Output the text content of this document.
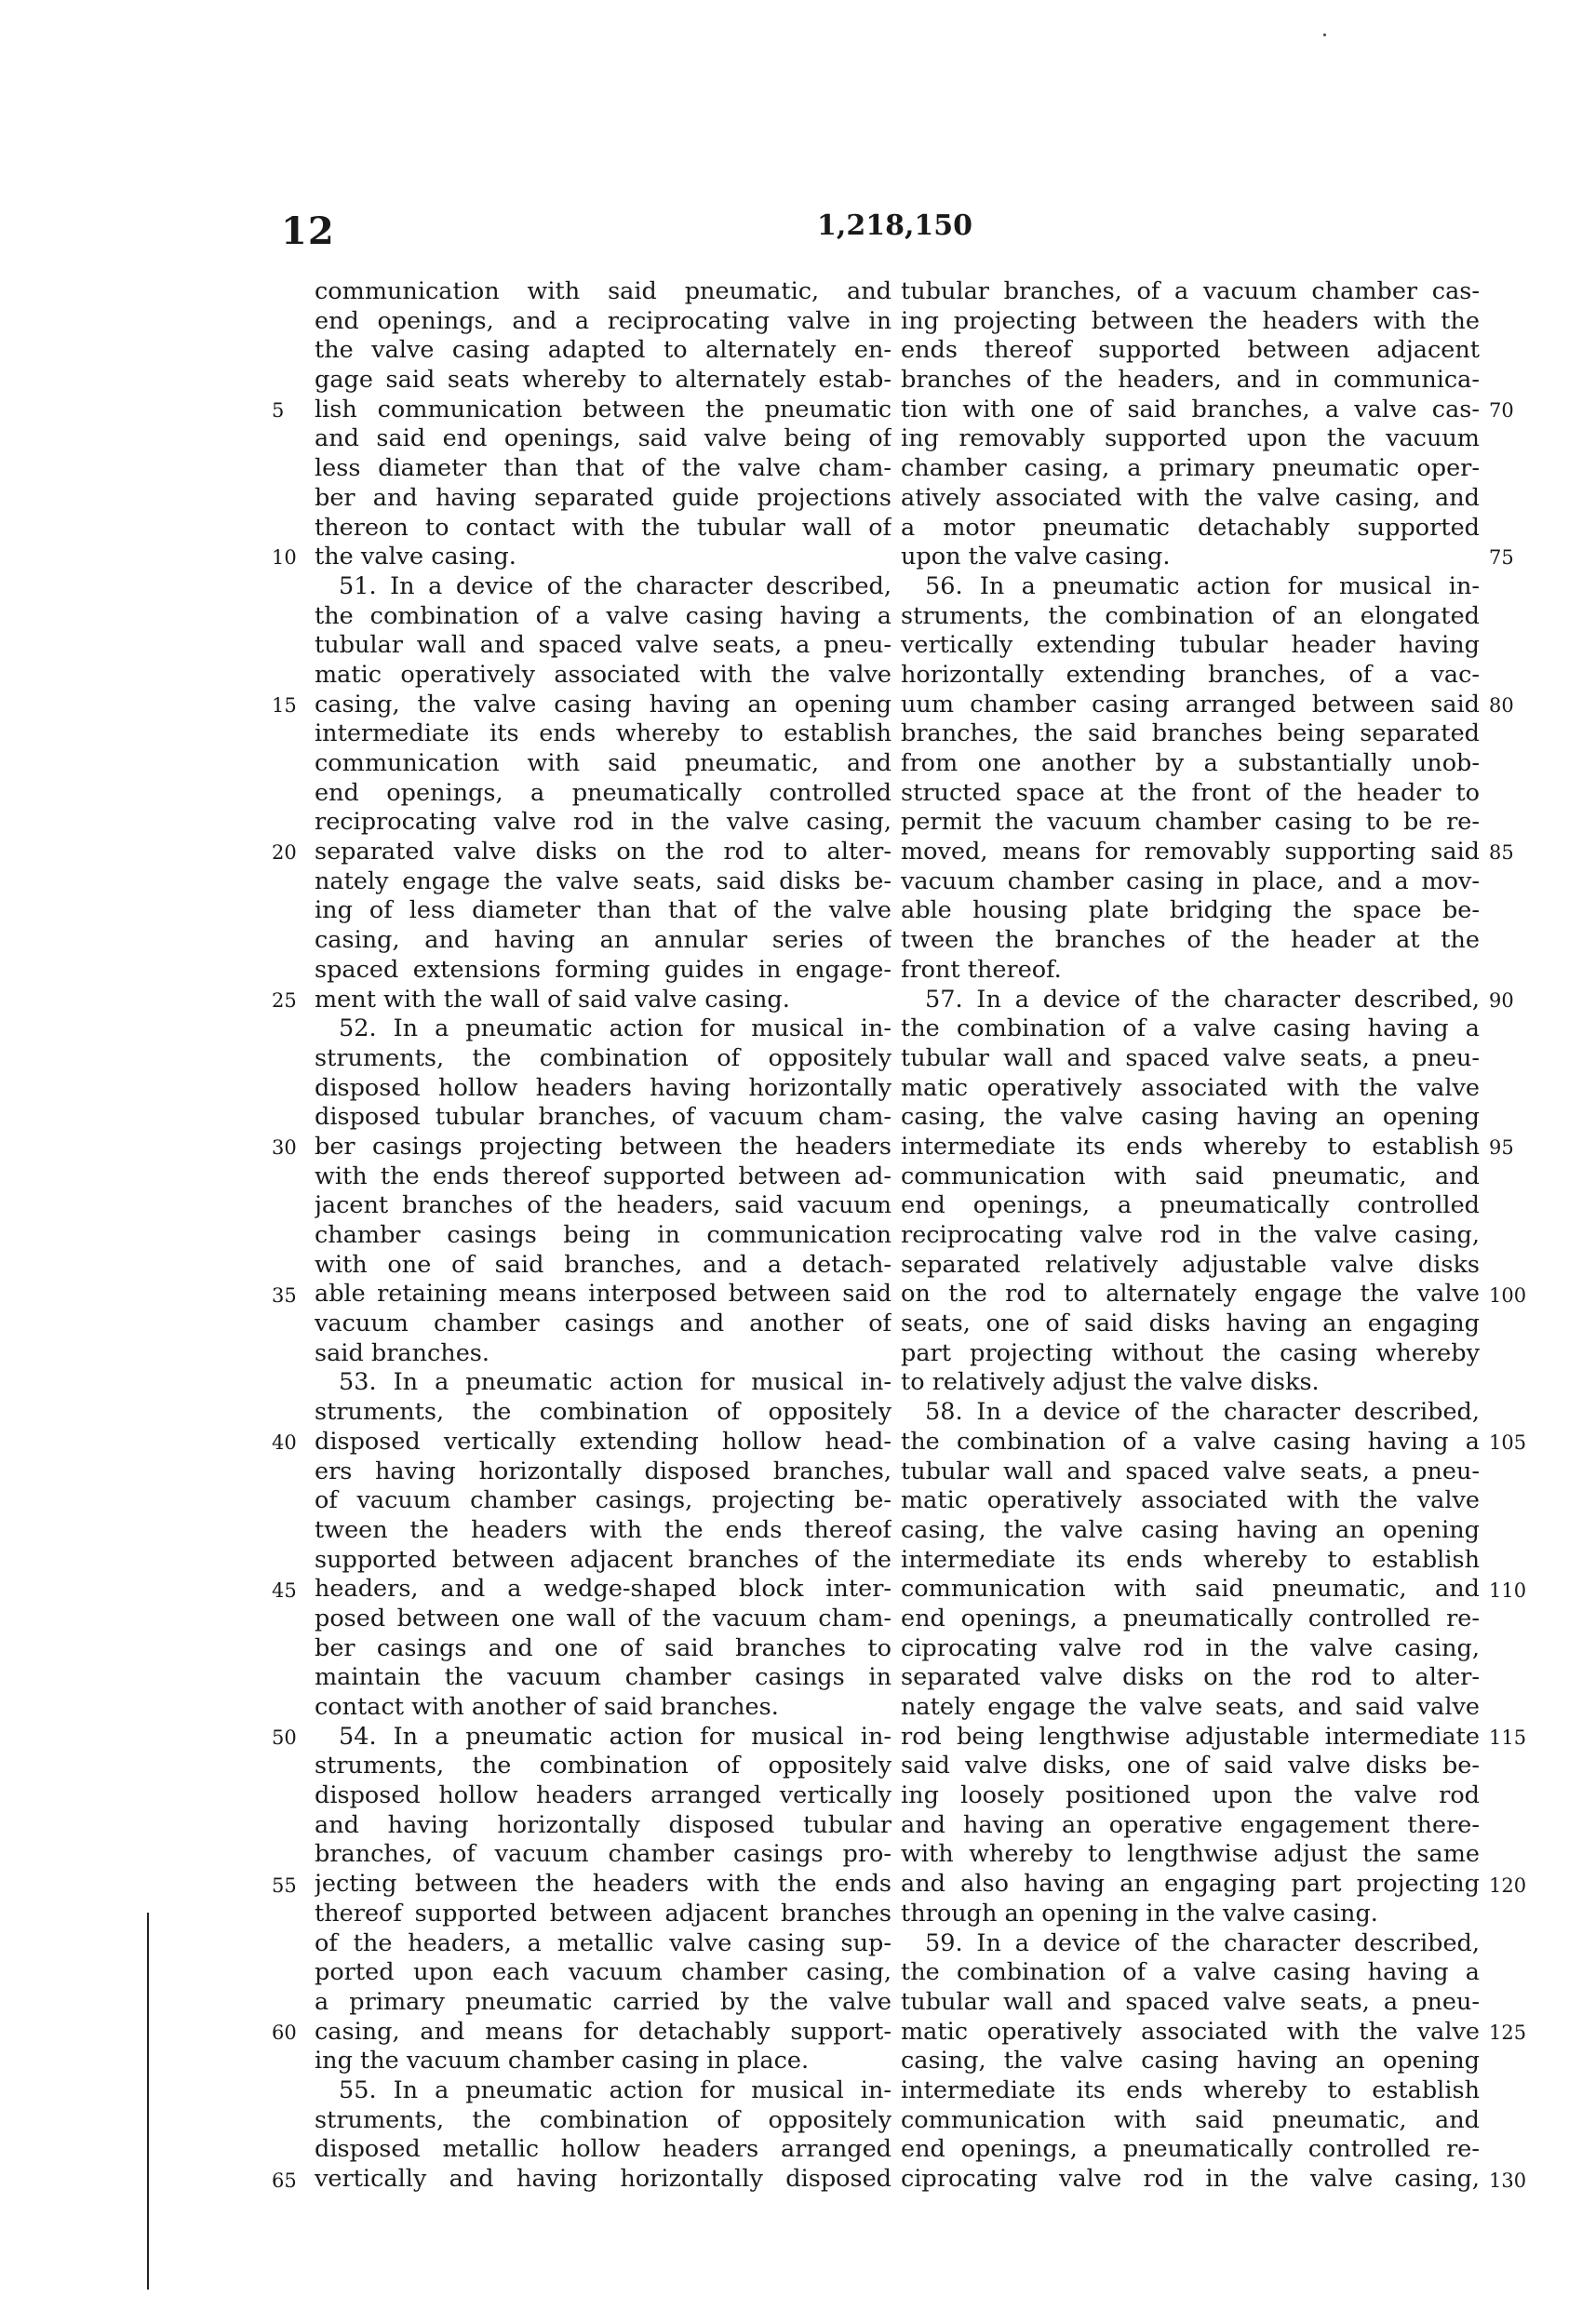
12	1,218,150
communication with said pneumatic, and
end openings, and a reciprocating valve in
the valve casing adapted to alternately en-
gage said seats whereby to alternately estab-
lish communication between the pneumatic
and said end openings, said valve being of
less diameter than that of the valve cham-
ber and having separated guide projections
thereon to contact with the tubular wall of
the valve casing.
51. In a device of the character described,
the combination of a valve casing having a
tubular wall and spaced valve seats, a pneu-
matic operatively associated with the valve
casing, the valve casing having an opening
intermediate its ends whereby to establish
communication with said pneumatic, and
end openings, a pneumatically controlled
reciprocating valve rod in the valve casing,
separated valve disks on the rod to alter-
nately engage the valve seats, said disks be-
ing of less diameter than that of the valve
casing, and having an annular series of
spaced extensions forming guides in engage-
ment with the wall of said valve casing.
52. In a pneumatic action for musical in-
struments, the combination of oppositely
disposed hollow headers having horizontally
disposed tubular branches, of vacuum cham-
ber casings projecting between the headers
with the ends thereof supported between ad-
jacent branches of the headers, said vacuum
chamber casings being in communication
with one of said branches, and a detach-
able retaining means interposed between said
vacuum chamber casings and another of
said branches.
53. In a pneumatic action for musical in-
struments, the combination of oppositely
disposed vertically extending hollow head-
ers having horizontally disposed branches,
of vacuum chamber casings, projecting be-
tween the headers with the ends thereof
supported between adjacent branches of the
headers, and a wedge-shaped block inter-
posed between one wall of the vacuum cham-
ber casings and one of said branches to
maintain the vacuum chamber casings in
contact with another of said branches.
54. In a pneumatic action for musical in-
struments, the combination of oppositely
disposed hollow headers arranged vertically
and having horizontally disposed tubular
branches, of vacuum chamber casings pro-
jecting between the headers with the ends
thereof supported between adjacent branches
of the headers, a metallic valve casing sup-
ported upon each vacuum chamber casing,
a primary pneumatic carried by the valve
casing, and means for detachably support-
ing the vacuum chamber casing in place.
55. In a pneumatic action for musical in-
struments, the combination of oppositely
disposed metallic hollow headers arranged
vertically and having horizontally disposed
tubular branches, of a vacuum chamber cas-
ing projecting between the headers with the
ends thereof supported between adjacent
branches of the headers, and in communica-
tion with one of said branches, a valve cas-
ing removably supported upon the vacuum
chamber casing, a primary pneumatic oper-
atively associated with the valve casing, and
a motor pneumatic detachably supported
upon the valve casing.
56. In a pneumatic action for musical in-
struments, the combination of an elongated
vertically extending tubular header having
horizontally extending branches, of a vac-
uum chamber casing arranged between said
branches, the said branches being separated
from one another by a substantially unob-
structed space at the front of the header to
permit the vacuum chamber casing to be re-
moved, means for removably supporting said
vacuum chamber casing in place, and a mov-
able housing plate bridging the space be-
tween the branches of the header at the
front thereof.
57. In a device of the character described,
the combination of a valve casing having a
tubular wall and spaced valve seats, a pneu-
matic operatively associated with the valve
casing, the valve casing having an opening
intermediate its ends whereby to establish
communication with said pneumatic, and
end openings, a pneumatically controlled
reciprocating valve rod in the valve casing,
separated relatively adjustable valve disks
on the rod to alternately engage the valve
seats, one of said disks having an engaging
part projecting without the casing whereby
to relatively adjust the valve disks.
58. In a device of the character described,
the combination of a valve casing having a
tubular wall and spaced valve seats, a pneu-
matic operatively associated with the valve
casing, the valve casing having an opening
intermediate its ends whereby to establish
communication with said pneumatic, and
end openings, a pneumatically controlled re-
ciprocating valve rod in the valve casing,
separated valve disks on the rod to alter-
nately engage the valve seats, and said valve
rod being lengthwise adjustable intermediate
said valve disks, one of said valve disks be-
ing loosely positioned upon the valve rod
and having an operative engagement there-
with whereby to lengthwise adjust the same
and also having an engaging part projecting
through an opening in the valve casing.
59. In a device of the character described,
the combination of a valve casing having a
tubular wall and spaced valve seats, a pneu-
matic operatively associated with the valve
casing, the valve casing having an opening
intermediate its ends whereby to establish
communication with said pneumatic, and
end openings, a pneumatically controlled re-
ciprocating valve rod in the valve casing,
5
10
15
20
25
30
35
40
45
50
55
60
65
70
75
80
85
90
95
100
105
110
115
120
125
130
